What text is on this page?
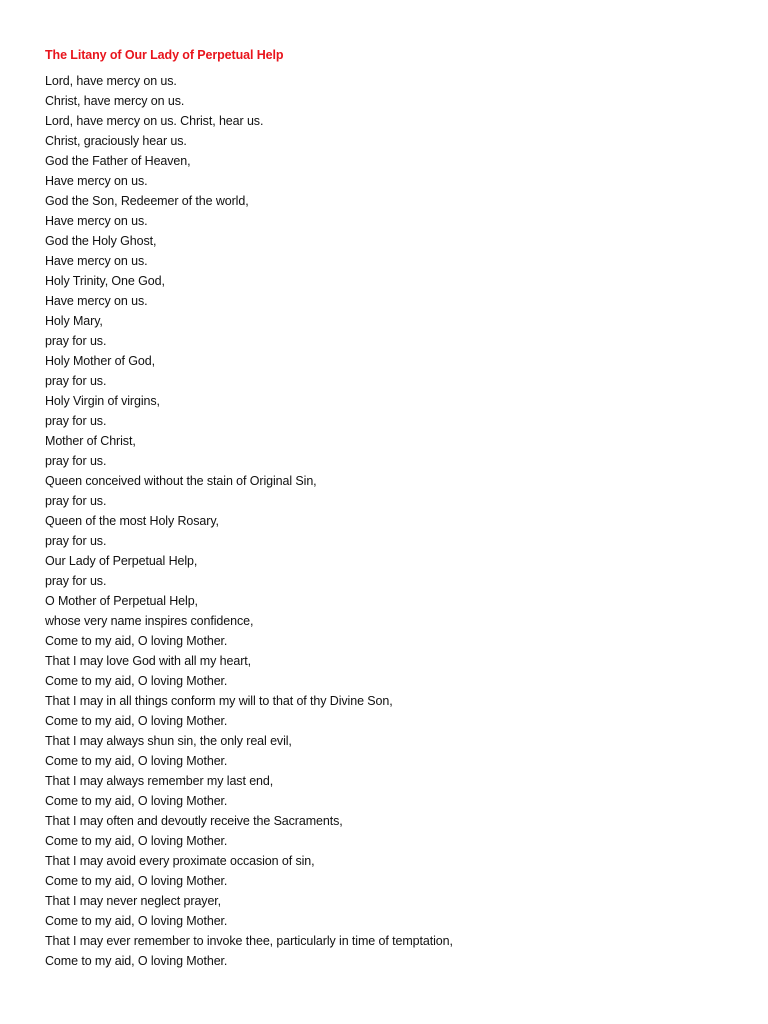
The Litany of Our Lady of Perpetual Help
Lord, have mercy on us.
Christ, have mercy on us.
Lord, have mercy on us. Christ, hear us.
Christ, graciously hear us.
God the Father of Heaven,
Have mercy on us.
God the Son, Redeemer of the world,
Have mercy on us.
God the Holy Ghost,
Have mercy on us.
Holy Trinity, One God,
Have mercy on us.
Holy Mary,
pray for us.
Holy Mother of God,
pray for us.
Holy Virgin of virgins,
pray for us.
Mother of Christ,
pray for us.
Queen conceived without the stain of Original Sin,
pray for us.
Queen of the most Holy Rosary,
pray for us.
Our Lady of Perpetual Help,
pray for us.
O Mother of Perpetual Help,
whose very name inspires confidence,
Come to my aid, O loving Mother.
That I may love God with all my heart,
Come to my aid, O loving Mother.
That I may in all things conform my will to that of thy Divine Son,
Come to my aid, O loving Mother.
That I may always shun sin, the only real evil,
Come to my aid, O loving Mother.
That I may always remember my last end,
Come to my aid, O loving Mother.
That I may often and devoutly receive the Sacraments,
Come to my aid, O loving Mother.
That I may avoid every proximate occasion of sin,
Come to my aid, O loving Mother.
That I may never neglect prayer,
Come to my aid, O loving Mother.
That I may ever remember to invoke thee, particularly in time of temptation,
Come to my aid, O loving Mother.
